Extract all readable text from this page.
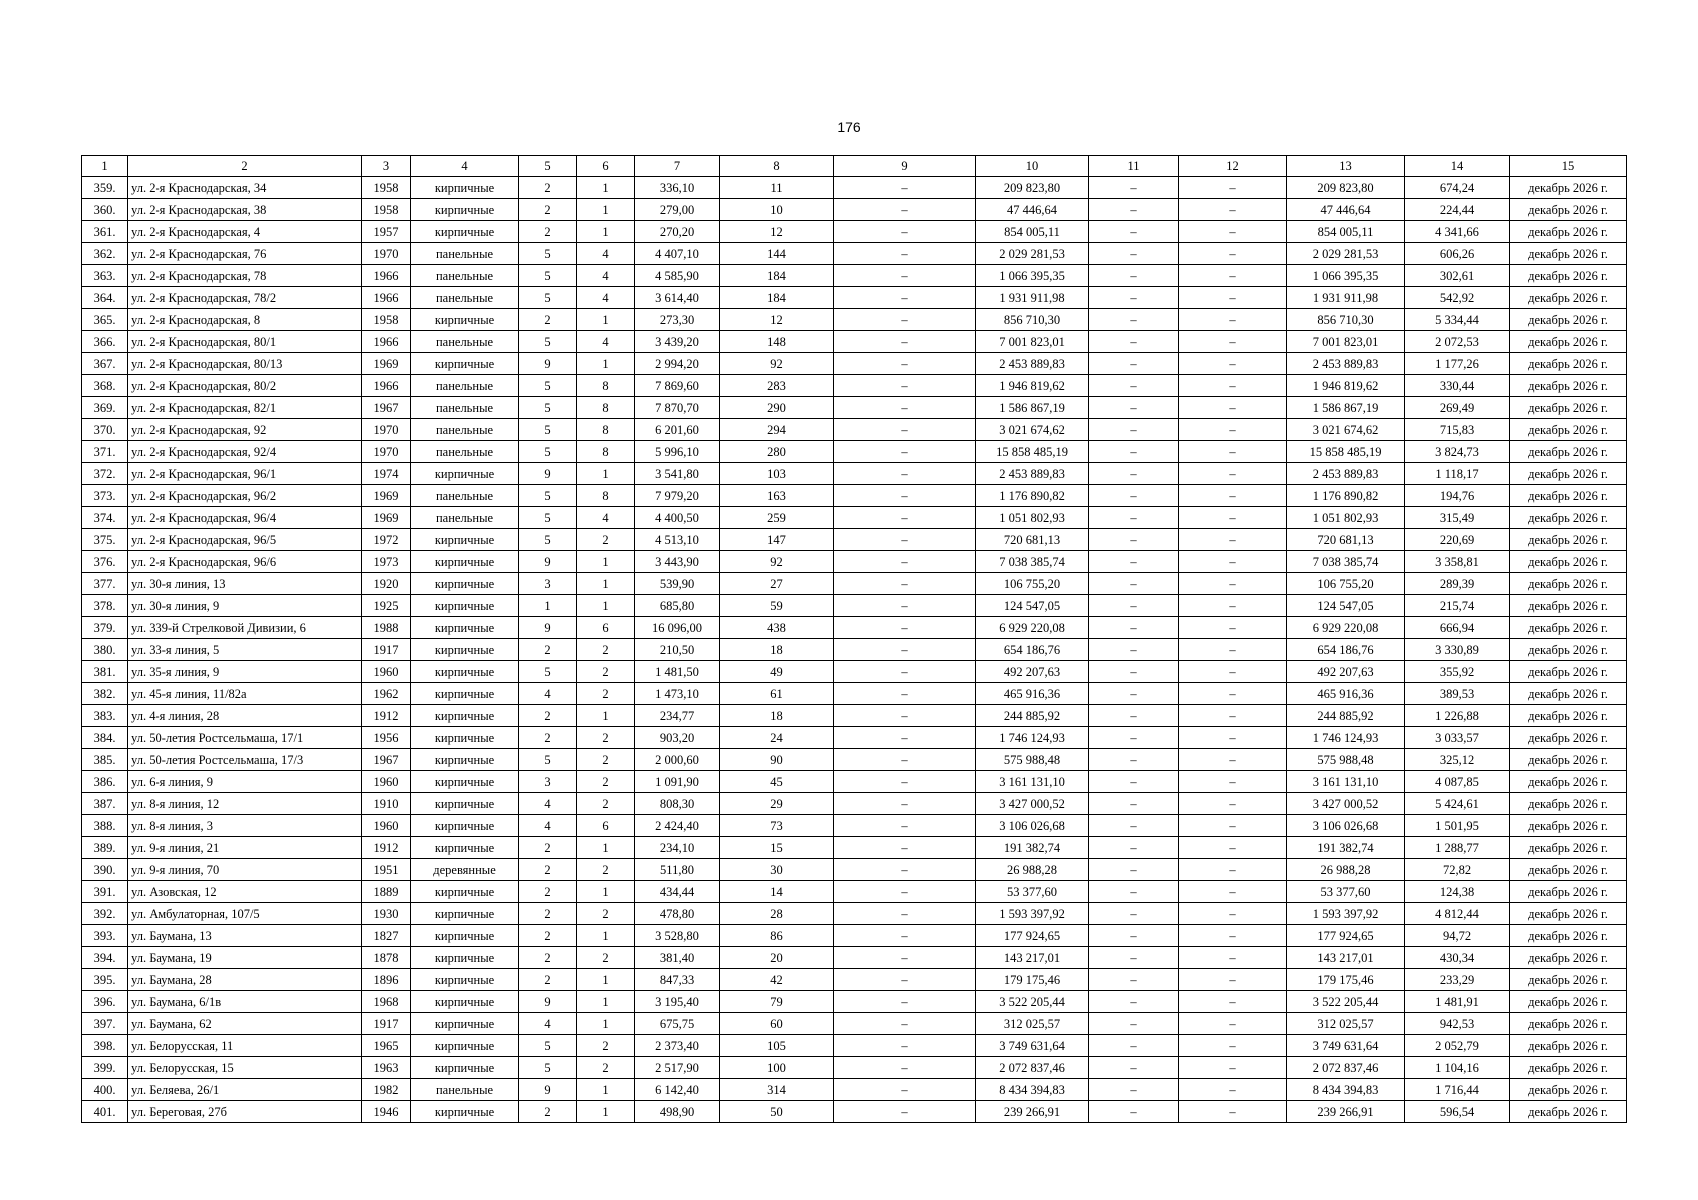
176
1	2	3	4	5	6	7	8	9	10	11	12	13	14	15
359.	ул. 2-я Краснодарская, 34	1958	кирпичные	2	1	336,10	11	–	209 823,80	–	–	209 823,80	674,24	декабрь 2026 г.
360.	ул. 2-я Краснодарская, 38	1958	кирпичные	2	1	279,00	10	–	47 446,64	–	–	47 446,64	224,44	декабрь 2026 г.
361.	ул. 2-я Краснодарская, 4	1957	кирпичные	2	1	270,20	12	–	854 005,11	–	–	854 005,11	4 341,66	декабрь 2026 г.
362.	ул. 2-я Краснодарская, 76	1970	панельные	5	4	4 407,10	144	–	2 029 281,53	–	–	2 029 281,53	606,26	декабрь 2026 г.
363.	ул. 2-я Краснодарская, 78	1966	панельные	5	4	4 585,90	184	–	1 066 395,35	–	–	1 066 395,35	302,61	декабрь 2026 г.
364.	ул. 2-я Краснодарская, 78/2	1966	панельные	5	4	3 614,40	184	–	1 931 911,98	–	–	1 931 911,98	542,92	декабрь 2026 г.
365.	ул. 2-я Краснодарская, 8	1958	кирпичные	2	1	273,30	12	–	856 710,30	–	–	856 710,30	5 334,44	декабрь 2026 г.
366.	ул. 2-я Краснодарская, 80/1	1966	панельные	5	4	3 439,20	148	–	7 001 823,01	–	–	7 001 823,01	2 072,53	декабрь 2026 г.
367.	ул. 2-я Краснодарская, 80/13	1969	кирпичные	9	1	2 994,20	92	–	2 453 889,83	–	–	2 453 889,83	1 177,26	декабрь 2026 г.
368.	ул. 2-я Краснодарская, 80/2	1966	панельные	5	8	7 869,60	283	–	1 946 819,62	–	–	1 946 819,62	330,44	декабрь 2026 г.
369.	ул. 2-я Краснодарская, 82/1	1967	панельные	5	8	7 870,70	290	–	1 586 867,19	–	–	1 586 867,19	269,49	декабрь 2026 г.
370.	ул. 2-я Краснодарская, 92	1970	панельные	5	8	6 201,60	294	–	3 021 674,62	–	–	3 021 674,62	715,83	декабрь 2026 г.
371.	ул. 2-я Краснодарская, 92/4	1970	панельные	5	8	5 996,10	280	–	15 858 485,19	–	–	15 858 485,19	3 824,73	декабрь 2026 г.
372.	ул. 2-я Краснодарская, 96/1	1974	кирпичные	9	1	3 541,80	103	–	2 453 889,83	–	–	2 453 889,83	1 118,17	декабрь 2026 г.
373.	ул. 2-я Краснодарская, 96/2	1969	панельные	5	8	7 979,20	163	–	1 176 890,82	–	–	1 176 890,82	194,76	декабрь 2026 г.
374.	ул. 2-я Краснодарская, 96/4	1969	панельные	5	4	4 400,50	259	–	1 051 802,93	–	–	1 051 802,93	315,49	декабрь 2026 г.
375.	ул. 2-я Краснодарская, 96/5	1972	кирпичные	5	2	4 513,10	147	–	720 681,13	–	–	720 681,13	220,69	декабрь 2026 г.
376.	ул. 2-я Краснодарская, 96/6	1973	кирпичные	9	1	3 443,90	92	–	7 038 385,74	–	–	7 038 385,74	3 358,81	декабрь 2026 г.
377.	ул. 30-я линия, 13	1920	кирпичные	3	1	539,90	27	–	106 755,20	–	–	106 755,20	289,39	декабрь 2026 г.
378.	ул. 30-я линия, 9	1925	кирпичные	1	1	685,80	59	–	124 547,05	–	–	124 547,05	215,74	декабрь 2026 г.
379.	ул. 339-й Стрелковой Дивизии, 6	1988	кирпичные	9	6	16 096,00	438	–	6 929 220,08	–	–	6 929 220,08	666,94	декабрь 2026 г.
380.	ул. 33-я линия, 5	1917	кирпичные	2	2	210,50	18	–	654 186,76	–	–	654 186,76	3 330,89	декабрь 2026 г.
381.	ул. 35-я линия, 9	1960	кирпичные	5	2	1 481,50	49	–	492 207,63	–	–	492 207,63	355,92	декабрь 2026 г.
382.	ул. 45-я линия, 11/82а	1962	кирпичные	4	2	1 473,10	61	–	465 916,36	–	–	465 916,36	389,53	декабрь 2026 г.
383.	ул. 4-я линия, 28	1912	кирпичные	2	1	234,77	18	–	244 885,92	–	–	244 885,92	1 226,88	декабрь 2026 г.
384.	ул. 50-летия Ростсельмаша, 17/1	1956	кирпичные	2	2	903,20	24	–	1 746 124,93	–	–	1 746 124,93	3 033,57	декабрь 2026 г.
385.	ул. 50-летия Ростсельмаша, 17/3	1967	кирпичные	5	2	2 000,60	90	–	575 988,48	–	–	575 988,48	325,12	декабрь 2026 г.
386.	ул. 6-я линия, 9	1960	кирпичные	3	2	1 091,90	45	–	3 161 131,10	–	–	3 161 131,10	4 087,85	декабрь 2026 г.
387.	ул. 8-я линия, 12	1910	кирпичные	4	2	808,30	29	–	3 427 000,52	–	–	3 427 000,52	5 424,61	декабрь 2026 г.
388.	ул. 8-я линия, 3	1960	кирпичные	4	6	2 424,40	73	–	3 106 026,68	–	–	3 106 026,68	1 501,95	декабрь 2026 г.
389.	ул. 9-я линия, 21	1912	кирпичные	2	1	234,10	15	–	191 382,74	–	–	191 382,74	1 288,77	декабрь 2026 г.
390.	ул. 9-я линия, 70	1951	деревянные	2	2	511,80	30	–	26 988,28	–	–	26 988,28	72,82	декабрь 2026 г.
391.	ул. Азовская, 12	1889	кирпичные	2	1	434,44	14	–	53 377,60	–	–	53 377,60	124,38	декабрь 2026 г.
392.	ул. Амбулаторная, 107/5	1930	кирпичные	2	2	478,80	28	–	1 593 397,92	–	–	1 593 397,92	4 812,44	декабрь 2026 г.
393.	ул. Баумана, 13	1827	кирпичные	2	1	3 528,80	86	–	177 924,65	–	–	177 924,65	94,72	декабрь 2026 г.
394.	ул. Баумана, 19	1878	кирпичные	2	2	381,40	20	–	143 217,01	–	–	143 217,01	430,34	декабрь 2026 г.
395.	ул. Баумана, 28	1896	кирпичные	2	1	847,33	42	–	179 175,46	–	–	179 175,46	233,29	декабрь 2026 г.
396.	ул. Баумана, 6/1в	1968	кирпичные	9	1	3 195,40	79	–	3 522 205,44	–	–	3 522 205,44	1 481,91	декабрь 2026 г.
397.	ул. Баумана, 62	1917	кирпичные	4	1	675,75	60	–	312 025,57	–	–	312 025,57	942,53	декабрь 2026 г.
398.	ул. Белорусская, 11	1965	кирпичные	5	2	2 373,40	105	–	3 749 631,64	–	–	3 749 631,64	2 052,79	декабрь 2026 г.
399.	ул. Белорусская, 15	1963	кирпичные	5	2	2 517,90	100	–	2 072 837,46	–	–	2 072 837,46	1 104,16	декабрь 2026 г.
400.	ул. Беляева, 26/1	1982	панельные	9	1	6 142,40	314	–	8 434 394,83	–	–	8 434 394,83	1 716,44	декабрь 2026 г.
401.	ул. Береговая, 27б	1946	кирпичные	2	1	498,90	50	–	239 266,91	–	–	239 266,91	596,54	декабрь 2026 г.
